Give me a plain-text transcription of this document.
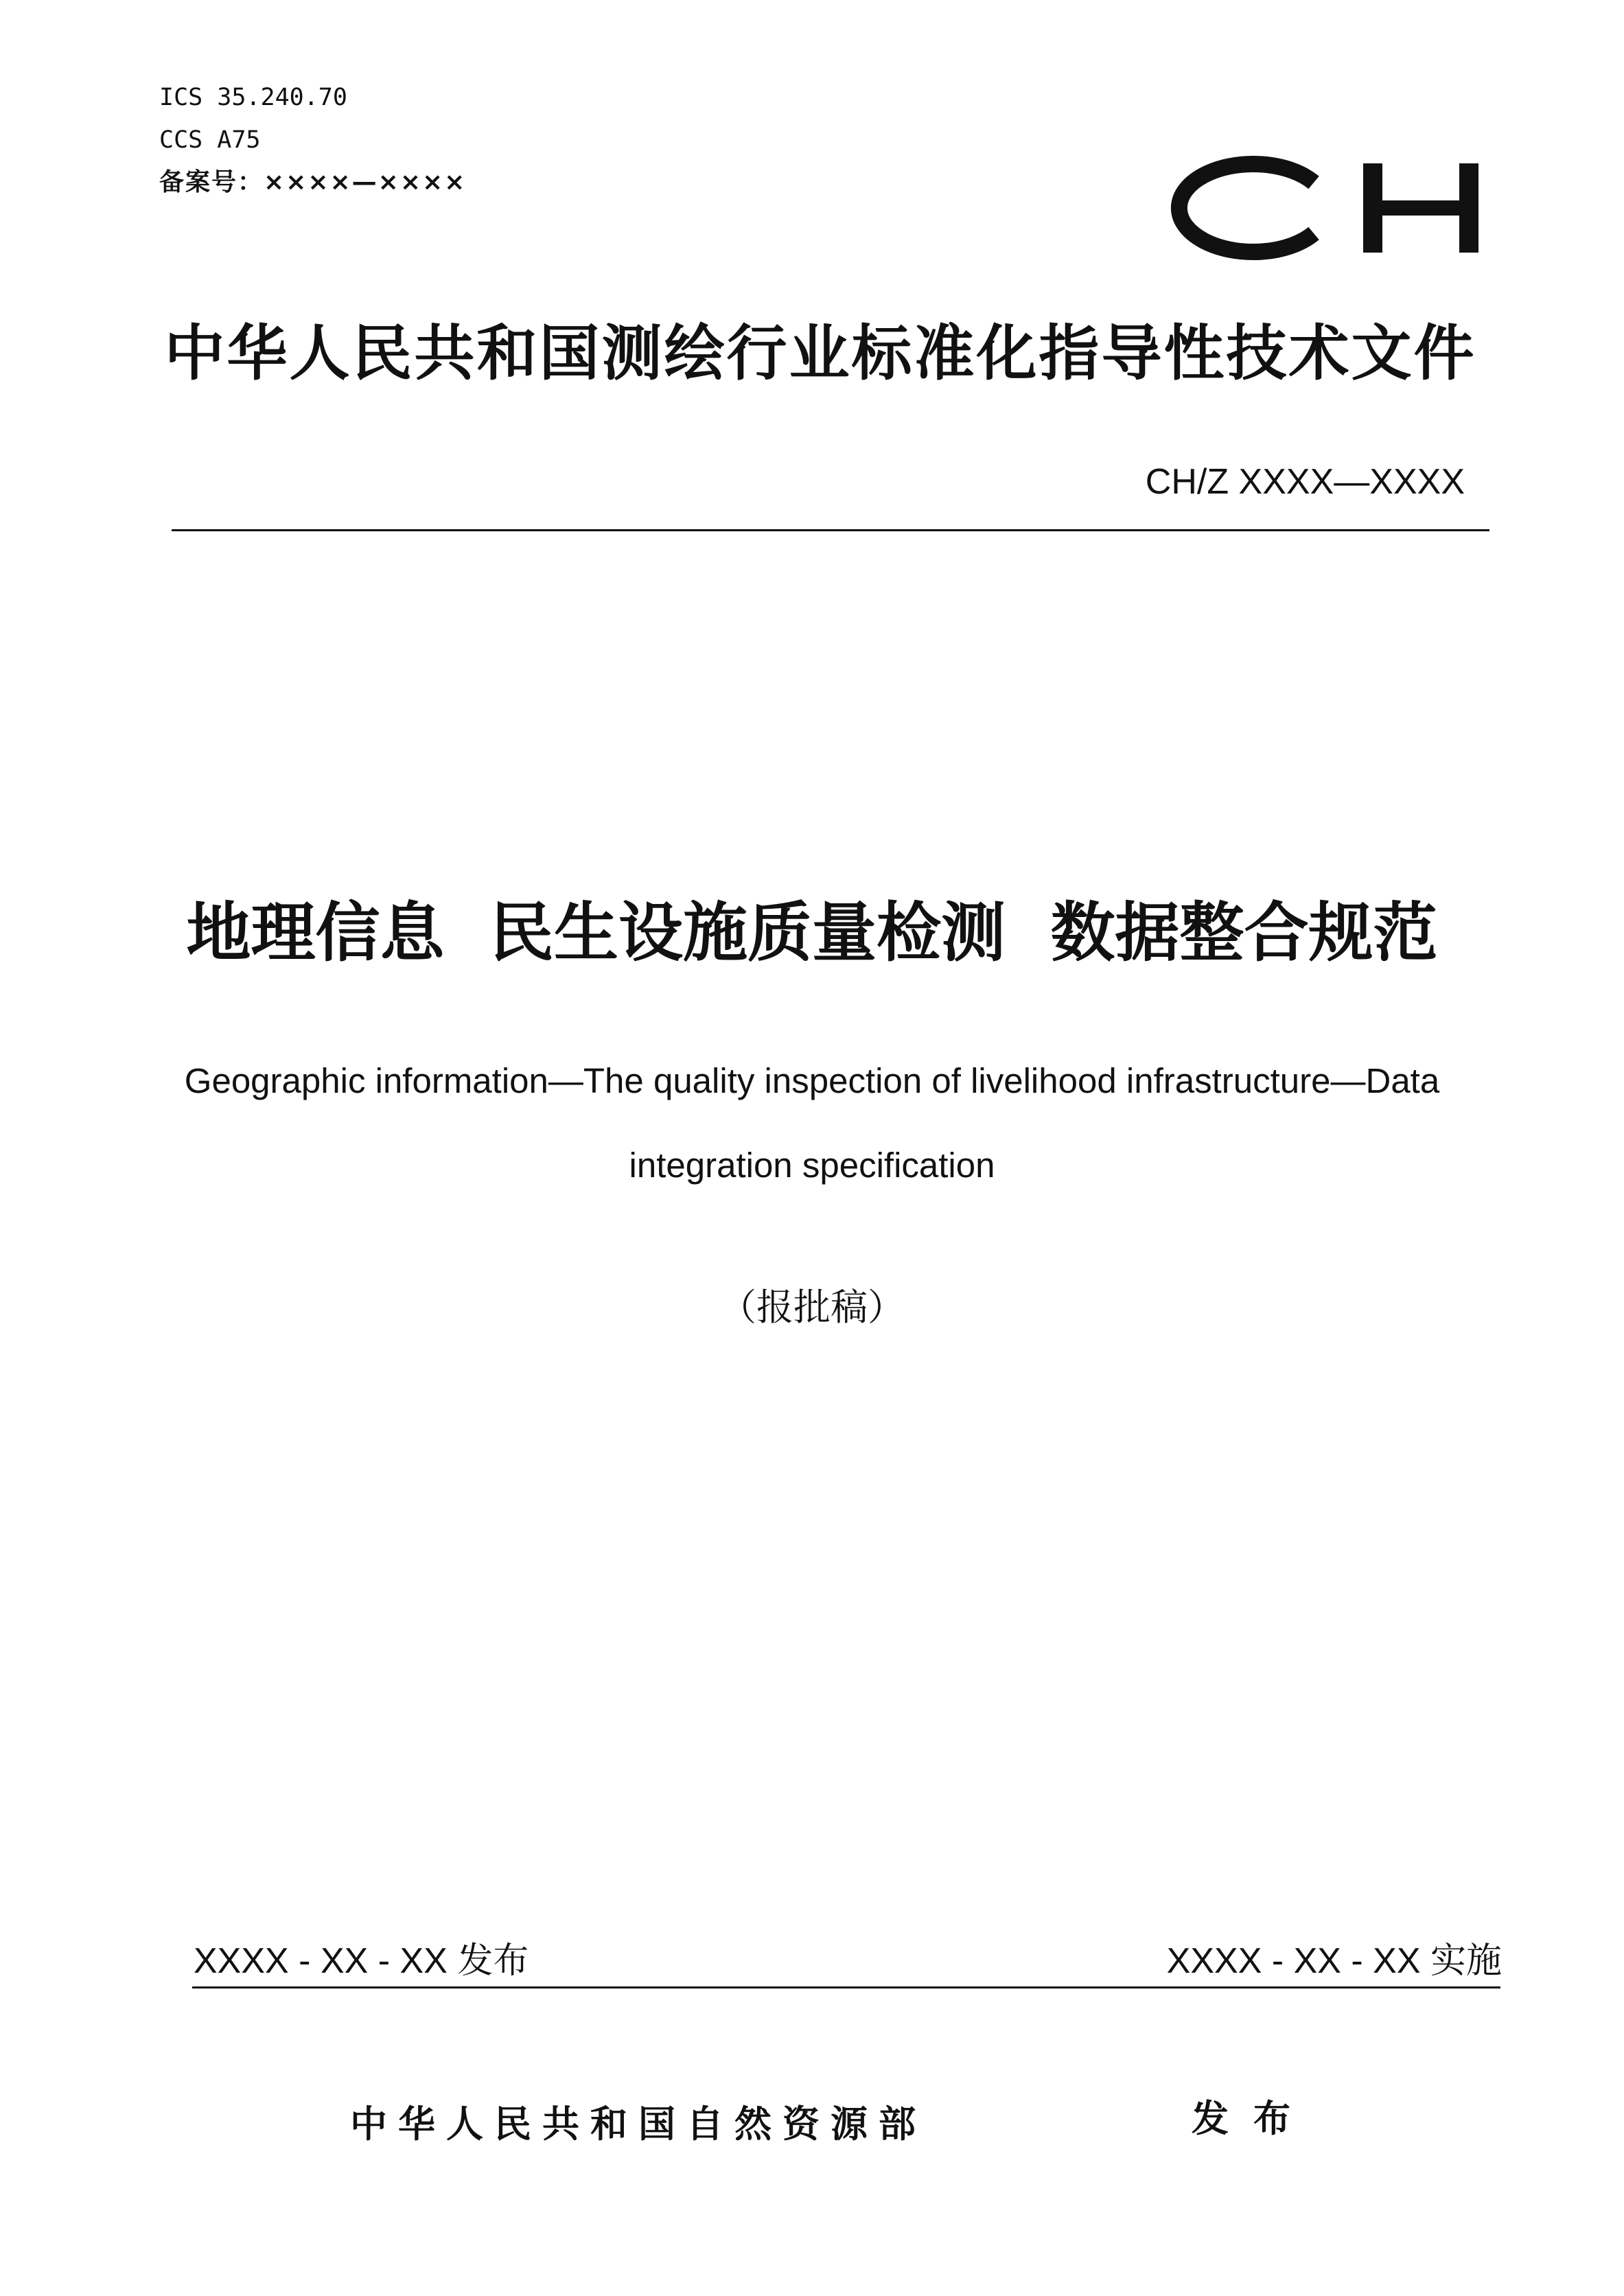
ICS 35.240.70
CCS A75
备案号：××××—××××
中华人民共和国测绘行业标准化指导性技术文件
CH/Z XXXX—XXXX
地理信息  民生设施质量检测  数据整合规范
Geographic information—The quality inspection of livelihood infrastructure—Data
integration specification
（报批稿）
XXXX - XX - XX 发布	XXXX - XX - XX 实施
中华人民共和国自然资源部	发布
